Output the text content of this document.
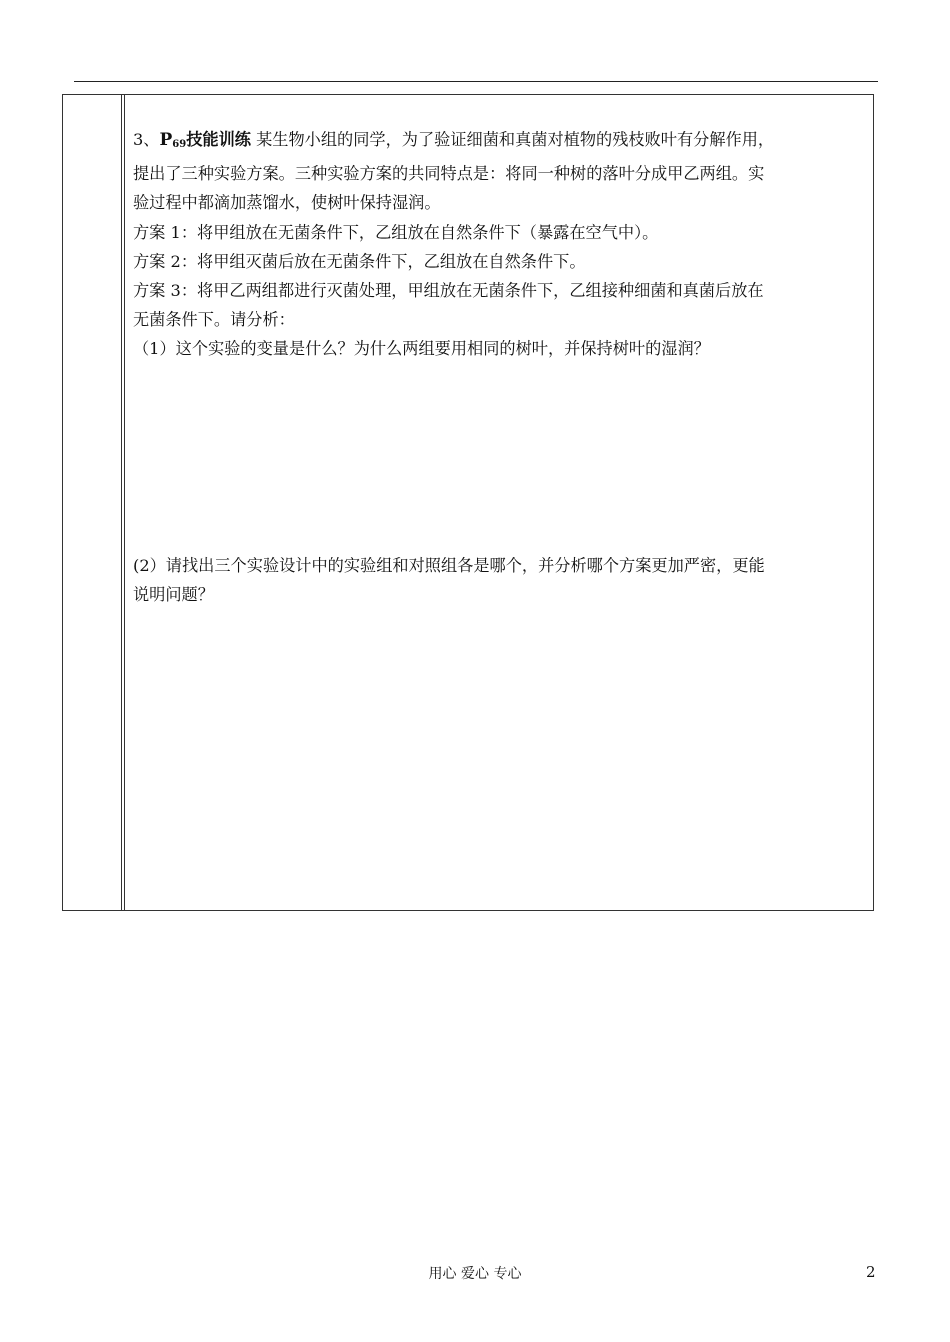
3、P69技能训练 某生物小组的同学，为了验证细菌和真菌对植物的残枝败叶有分解作用，
提出了三种实验方案。三种实验方案的共同特点是：将同一种树的落叶分成甲乙两组。实
验过程中都滴加蒸馏水，使树叶保持湿润。

方案 1：将甲组放在无菌条件下，乙组放在自然条件下（暴露在空气中）。

方案 2：将甲组灭菌后放在无菌条件下，乙组放在自然条件下。

方案 3：将甲乙两组都进行灭菌处理，甲组放在无菌条件下，乙组接种细菌和真菌后放在
无菌条件下。请分析：

（1）这个实验的变量是什么？为什么两组要用相同的树叶，并保持树叶的湿润？

(2）请找出三个实验设计中的实验组和对照组各是哪个，并分析哪个方案更加严密，更能
说明问题？

用心 爱心 专心	2
